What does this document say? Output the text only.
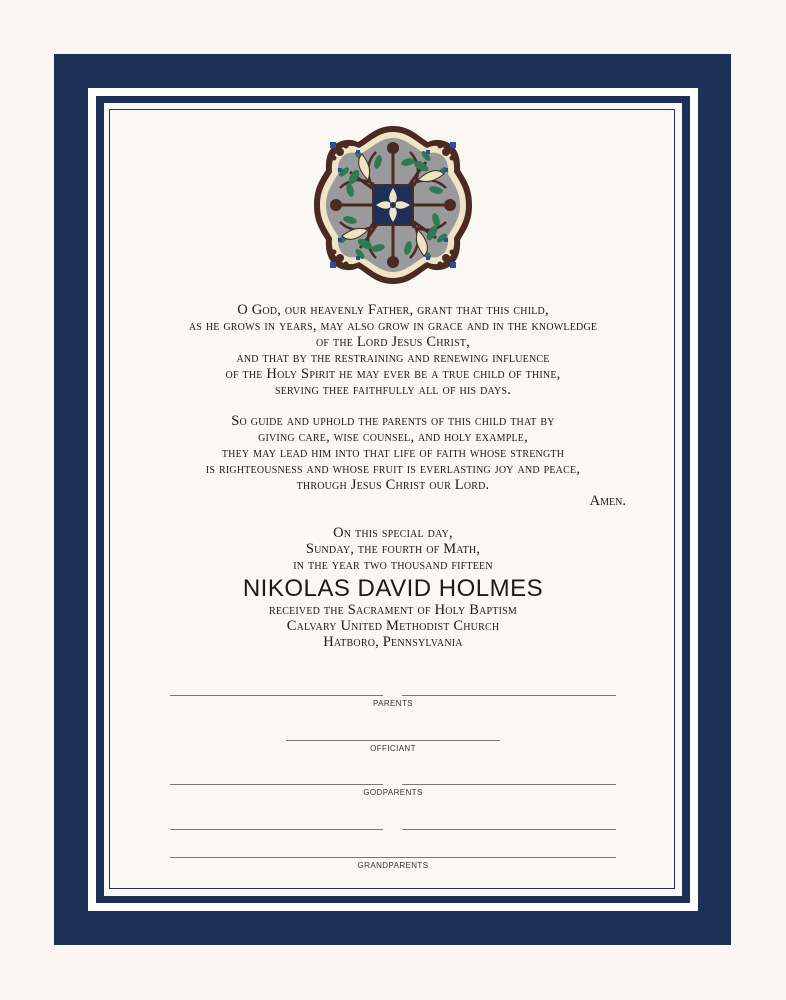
O God, our heavenly Father, grant that this child,

as he grows in years, may also grow in grace and in the knowledge

of the Lord Jesus Christ,

and that by the restraining and renewing influence

of the Holy Spirit he may ever be a true child of thine,

serving thee faithfully all of his days.

So guide and uphold the parents of this child that by

giving care, wise counsel, and holy example,

they may lead him into that life of faith whose strength

is righteousness and whose fruit is everlasting joy and peace,

through Jesus Christ our Lord.

Amen.

On this special day,

Sunday, the fourth of Math,

in the year two thousand fifteen

NIKOLAS DAVID HOLMES

received the Sacrament of Holy Baptism

Calvary United Methodist Church

Hatboro, Pennsylvania

PARENTS
OFFICIANT
GODPARENTS
GRANDPARENTS
